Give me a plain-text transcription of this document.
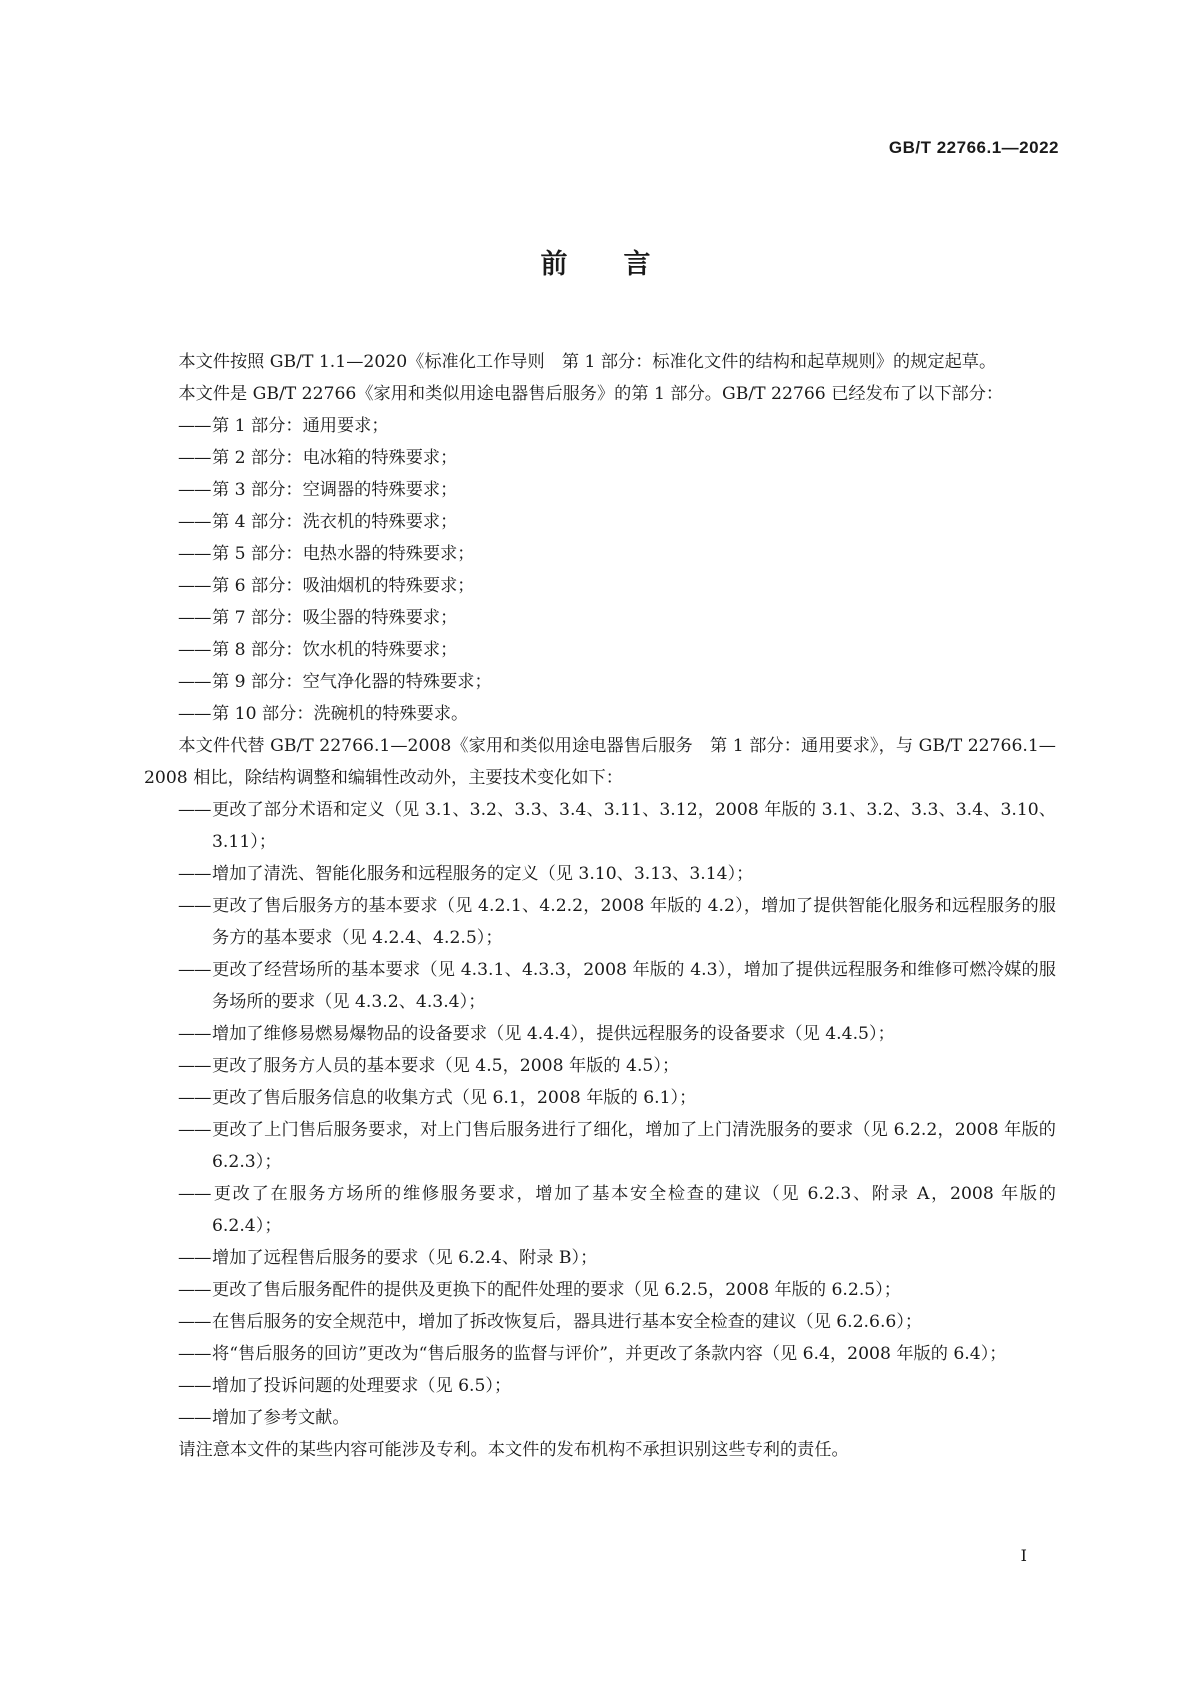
GB/T 22766.1—2022
前 言

本文件按照 GB/T 1.1—2020《标准化工作导则　第 1 部分：标准化文件的结构和起草规则》的规定起草。

本文件是 GB/T 22766《家用和类似用途电器售后服务》的第 1 部分。GB/T 22766 已经发布了以下部分：

——第 1 部分：通用要求；

——第 2 部分：电冰箱的特殊要求；

——第 3 部分：空调器的特殊要求；

——第 4 部分：洗衣机的特殊要求；

——第 5 部分：电热水器的特殊要求；

——第 6 部分：吸油烟机的特殊要求；

——第 7 部分：吸尘器的特殊要求；

——第 8 部分：饮水机的特殊要求；

——第 9 部分：空气净化器的特殊要求；

——第 10 部分：洗碗机的特殊要求。

本文件代替 GB/T 22766.1—2008《家用和类似用途电器售后服务　第 1 部分：通用要求》，与 GB/T 22766.1—2008 相比，除结构调整和编辑性改动外，主要技术变化如下：

——更改了部分术语和定义（见 3.1、3.2、3.3、3.4、3.11、3.12，2008 年版的 3.1、3.2、3.3、3.4、3.10、3.11）；

——增加了清洗、智能化服务和远程服务的定义（见 3.10、3.13、3.14）；

——更改了售后服务方的基本要求（见 4.2.1、4.2.2，2008 年版的 4.2），增加了提供智能化服务和远程服务的服务方的基本要求（见 4.2.4、4.2.5）；

——更改了经营场所的基本要求（见 4.3.1、4.3.3，2008 年版的 4.3），增加了提供远程服务和维修可燃冷媒的服务场所的要求（见 4.3.2、4.3.4）；

——增加了维修易燃易爆物品的设备要求（见 4.4.4），提供远程服务的设备要求（见 4.4.5）；

——更改了服务方人员的基本要求（见 4.5，2008 年版的 4.5）；

——更改了售后服务信息的收集方式（见 6.1，2008 年版的 6.1）；

——更改了上门售后服务要求，对上门售后服务进行了细化，增加了上门清洗服务的要求（见 6.2.2，2008 年版的 6.2.3）；

——更改了在服务方场所的维修服务要求，增加了基本安全检查的建议（见 6.2.3、附录 A，2008 年版的 6.2.4）；

——增加了远程售后服务的要求（见 6.2.4、附录 B）；

——更改了售后服务配件的提供及更换下的配件处理的要求（见 6.2.5，2008 年版的 6.2.5）；

——在售后服务的安全规范中，增加了拆改恢复后，器具进行基本安全检查的建议（见 6.2.6.6）；

——将“售后服务的回访”更改为“售后服务的监督与评价”，并更改了条款内容（见 6.4，2008 年版的 6.4）；

——增加了投诉问题的处理要求（见 6.5）；

——增加了参考文献。

请注意本文件的某些内容可能涉及专利。本文件的发布机构不承担识别这些专利的责任。

I
